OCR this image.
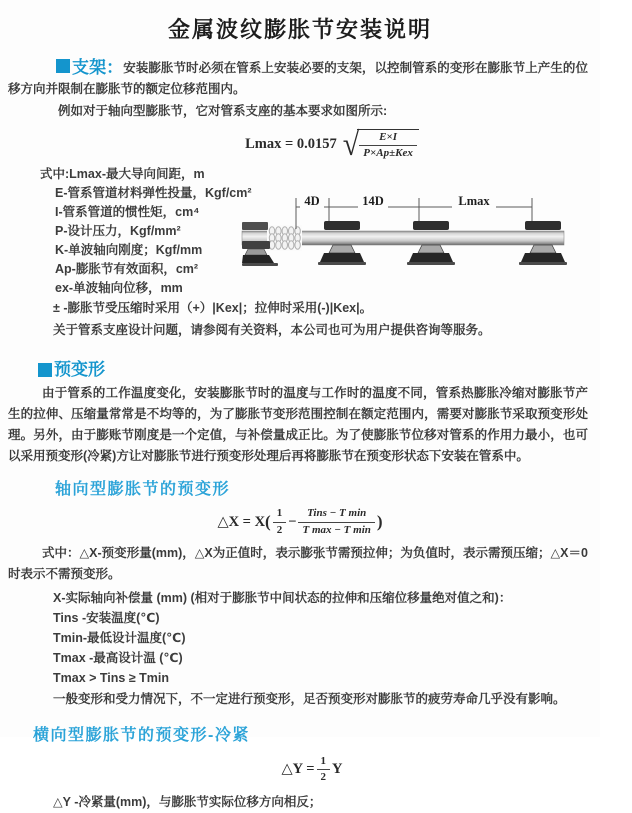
金属波纹膨胀节安装说明

支架：安装膨胀节时必须在管系上安装必要的支架，以控制管系的变形在膨胀节上产生的位移方向并限制在膨胀节的额定位移范围内。

例如对于轴向型膨胀节，它对管系支座的基本要求如图所示:

Lmax = 0.0157 √ $\frac{E\times I}{\text{P×Ap±Kex}}$
式中:Lmax-最大导向间距，m
E-管系管道材料弹性投量，Kgf/cm²
I-管系管道的惯性矩，cm⁴
P-设计压力，Kgf/mm²
K-单波轴向刚度；Kgf/mm
Ap-膨胀节有效面积，cm²
ex-单波轴向位移，mm
± -膨胀节受压缩时采用（+）|Kex|；拉伸时采用(-)|Kex|。
关于管系支座设计问题，请参阅有关资料，本公司也可为用户提供咨询等服务。
4D	14D	Lmax
预变形

由于管系的工作温度变化，安装膨胀节时的温度与工作时的温度不同，管系热膨胀冷缩对膨胀节产生的拉伸、压缩量常常是不均等的，为了膨胀节变形范围控制在额定范围内，需要对膨胀节采取预变形处理。另外，由于膨账节刚度是一个定值，与补偿量成正比。为了使膨胀节位移对管系的作用力最小，也可以采用预变形(冷紧)方让对膨胀节进行预变形处理后再将膨胀节在预变形状态下安装在管系中。

轴向型膨胀节的预变形
△X = X ( $\frac{1}{2} - \frac{\text{Tins − T min}}{\text{T max − T min}}$ )

式中：△X-预变形量(mm)，△X为正值时，表示膨张节需预拉伸；为负值时，表示需预压缩；△X＝0时表示不需预变形。

X-实际轴向补偿量 (mm) (相对于膨胀节中间状态的拉伸和压缩位移量绝对值之和)：
Tins -安装温度(℃)
Tmin-最低设计温度(℃)
Tmax -最高设计温 (℃)
Tmax > Tins ≥ Tmin

一般变形和受力情况下，不一定进行预变形，足否预变形对膨胀节的疲劳寿命几乎没有影响。

横向型膨胀节的预变形-冷紧
△Y = $\frac{1}{2}$ Y

△Y -冷紧量(mm)，与膨胀节实际位移方向相反；
